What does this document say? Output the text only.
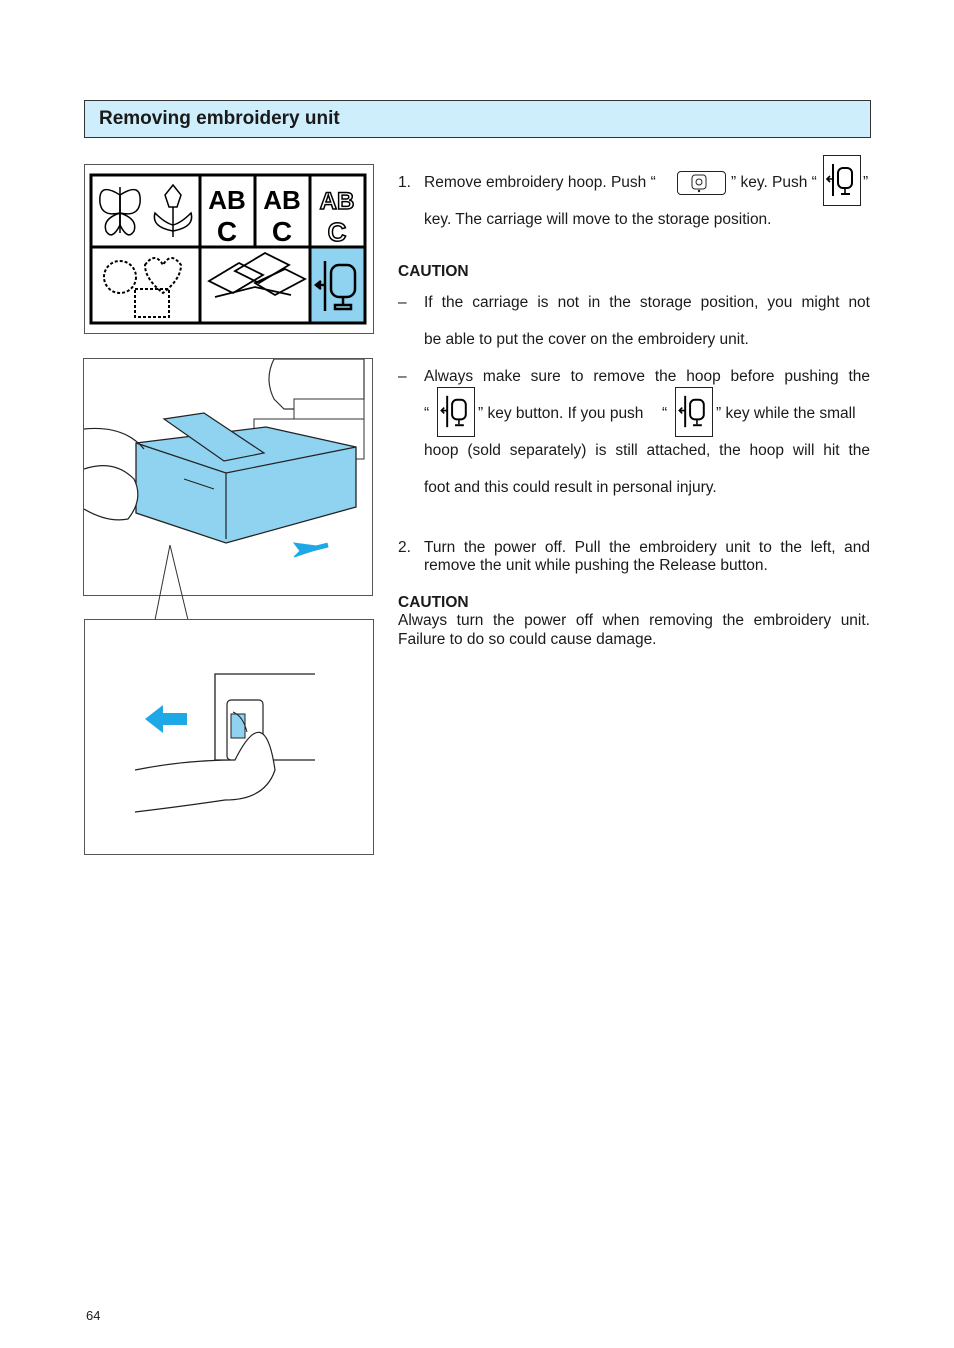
Removing embroidery unit
AB
C
AB
C
AB
C
1. Remove embroidery hoop. Push “	” key. Push “	”
key. The carriage will move to the storage position.
CAUTION
– If the carriage is not in the storage position, you might not
be able to put the cover on the embroidery unit.
– Always make sure to remove the hoop before pushing the
“	” key button. If you push “	” key while the small
hoop (sold separately) is still attached, the hoop will hit the
foot and this could result in personal injury.
2. Turn the power off. Pull the embroidery unit to the left, and
remove the unit while pushing the Release button.
CAUTION
Always turn the power off when removing the embroidery unit.
Failure to do so could cause damage.
64
